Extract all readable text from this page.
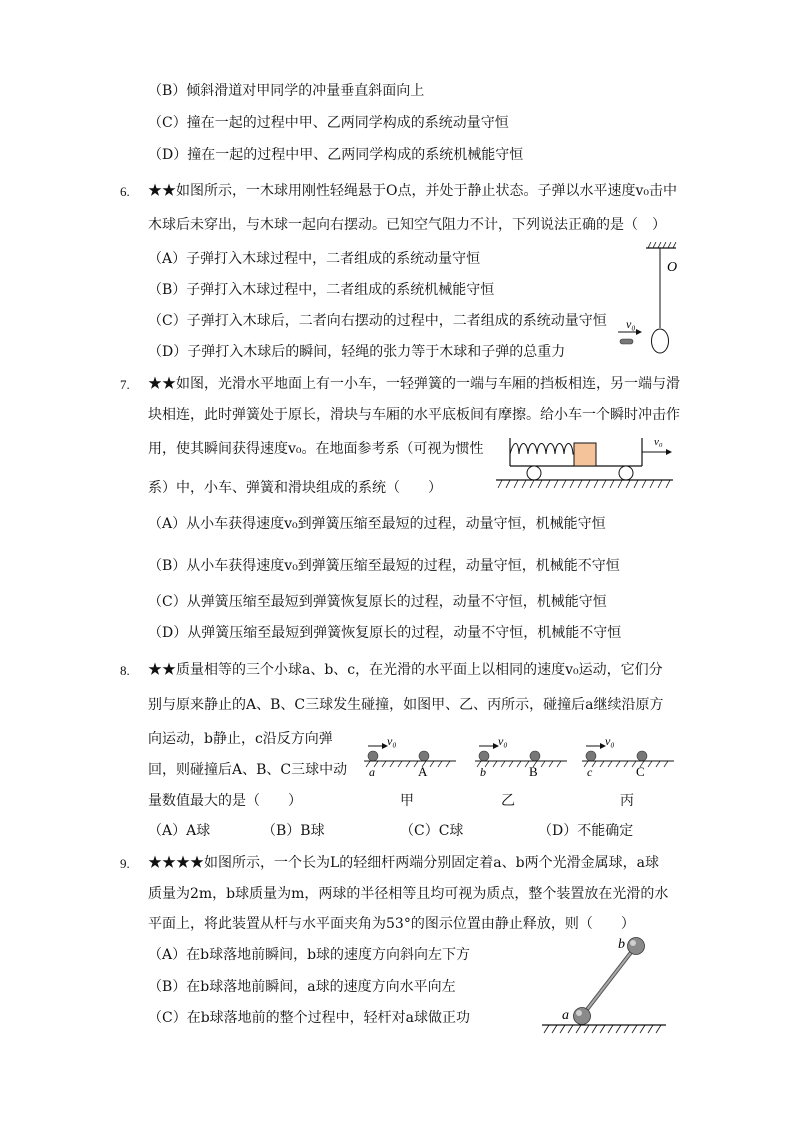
（B）倾斜滑道对甲同学的冲量垂直斜面向上
（C）撞在一起的过程中甲、乙两同学构成的系统动量守恒
（D）撞在一起的过程中甲、乙两同学构成的系统机械能守恒
6. ★★如图所示，一木球用刚性轻绳悬于O点，并处于静止状态。子弹以水平速度v₀击中
木球后未穿出，与木球一起向右摆动。已知空气阻力不计，下列说法正确的是（　）
（A）子弹打入木球过程中，二者组成的系统动量守恒
（B）子弹打入木球过程中，二者组成的系统机械能守恒
（C）子弹打入木球后，二者向右摆动的过程中，二者组成的系统动量守恒
（D）子弹打入木球后的瞬间，轻绳的张力等于木球和子弹的总重力
O
v₀
7. ★★如图，光滑水平地面上有一小车，一轻弹簧的一端与车厢的挡板相连，另一端与滑
块相连，此时弹簧处于原长，滑块与车厢的水平底板间有摩擦。给小车一个瞬时冲击作
用，使其瞬间获得速度v₀。在地面参考系（可视为惯性
系）中，小车、弹簧和滑块组成的系统（　　）
v₀
（A）从小车获得速度v₀到弹簧压缩至最短的过程，动量守恒，机械能守恒
（B）从小车获得速度v₀到弹簧压缩至最短的过程，动量守恒，机械能不守恒
（C）从弹簧压缩至最短到弹簧恢复原长的过程，动量不守恒，机械能守恒
（D）从弹簧压缩至最短到弹簧恢复原长的过程，动量不守恒，机械能不守恒
8. ★★质量相等的三个小球a、b、c，在光滑的水平面上以相同的速度v₀运动，它们分
别与原来静止的A、B、C三球发生碰撞，如图甲、乙、丙所示，碰撞后a继续沿原方
向运动，b静止，c沿反方向弹
回，则碰撞后A、B、C三球中动
量数值最大的是（　　）
v₀
a	A
甲
v₀
b	B
乙
v₀
c	C
丙
（A）A球	（B）B球	（C）C球	（D）不能确定
9. ★★★★如图所示，一个长为L的轻细杆两端分别固定着a、b两个光滑金属球，a球
质量为2m，b球质量为m，两球的半径相等且均可视为质点，整个装置放在光滑的水
平面上，将此装置从杆与水平面夹角为53°的图示位置由静止释放，则（　　）
（A）在b球落地前瞬间，b球的速度方向斜向左下方
（B）在b球落地前瞬间，a球的速度方向水平向左
（C）在b球落地前的整个过程中，轻杆对a球做正功
b
a
